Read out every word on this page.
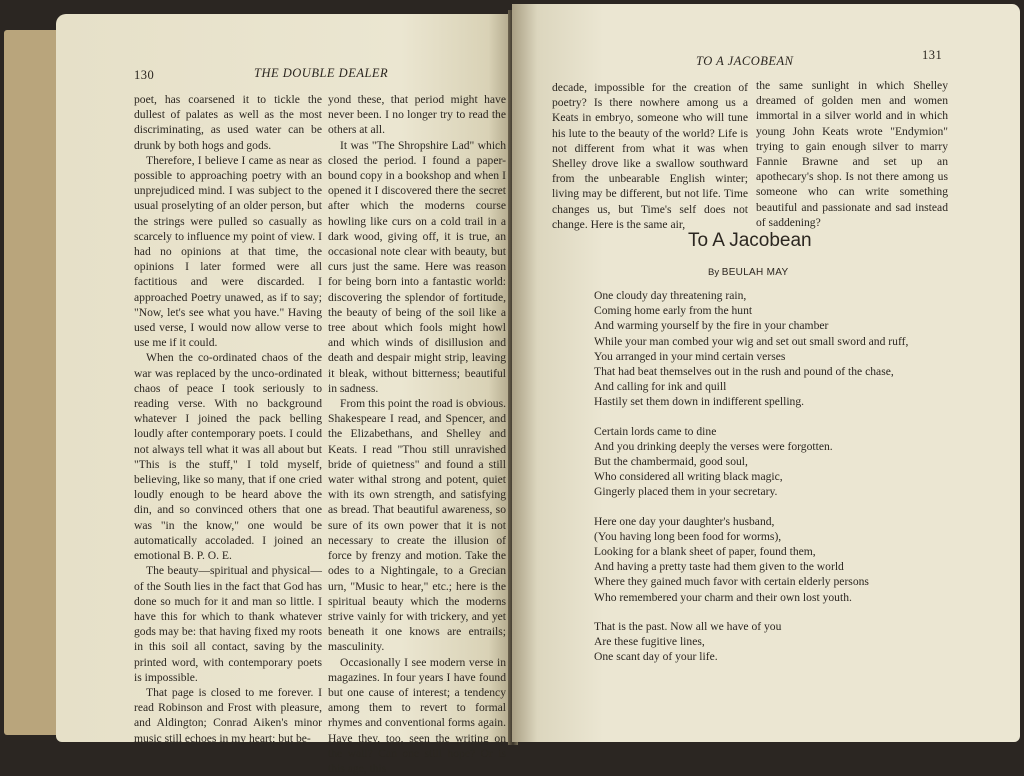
130	THE DOUBLE DEALER

poet, has coarsened it to tickle the dullest of palates as well as the most discriminating, as used water can be drunk by both hogs and gods.

Therefore, I believe I came as near as possible to approaching poetry with an unprejudiced mind. I was subject to the usual proselyting of an older person, but the strings were pulled so casually as scarcely to influence my point of view. I had no opinions at that time, the opinions I later formed were all factitious and were discarded. I approached Poetry unawed, as if to say; "Now, let's see what you have." Having used verse, I would now allow verse to use me if it could.

When the co-ordinated chaos of the war was replaced by the unco-ordinated chaos of peace I took seriously to reading verse. With no background whatever I joined the pack belling loudly after contemporary poets. I could not always tell what it was all about but "This is the stuff," I told myself, believing, like so many, that if one cried loudly enough to be heard above the din, and so convinced others that one was "in the know," one would be automatically accoladed. I joined an emotional B. P. O. E.

The beauty—spiritual and physical—of the South lies in the fact that God has done so much for it and man so little. I have this for which to thank whatever gods may be: that having fixed my roots in this soil all contact, saving by the printed word, with contemporary poets is impossible.

That page is closed to me forever. I read Robinson and Frost with pleasure, and Aldington; Conrad Aiken's minor music still echoes in my heart; but be-

yond these, that period might have never been. I no longer try to read the others at all.

It was "The Shropshire Lad" which closed the period. I found a paper-bound copy in a bookshop and when I opened it I discovered there the secret after which the moderns course howling like curs on a cold trail in a dark wood, giving off, it is true, an occasional note clear with beauty, but curs just the same. Here was reason for being born into a fantastic world: discovering the splendor of fortitude, the beauty of being of the soil like a tree about which fools might howl and which winds of disillusion and death and despair might strip, leaving it bleak, without bitterness; beautiful in sadness.

From this point the road is obvious. Shakespeare I read, and Spencer, and the Elizabethans, and Shelley and Keats. I read "Thou still unravished bride of quietness" and found a still water withal strong and potent, quiet with its own strength, and satisfying as bread. That beautiful awareness, so sure of its own power that it is not necessary to create the illusion of force by frenzy and motion. Take the odes to a Nightingale, to a Grecian urn, "Music to hear," etc.; here is the spiritual beauty which the moderns strive vainly for with trickery, and yet beneath it one knows are entrails; masculinity.

Occasionally I see modern verse in magazines. In four years I have found but one cause of interest; a tendency among them to revert to formal rhymes and conventional forms again. Have they, too, seen the writing on the wall? Can one still hope? Or is this age, this

TO A JACOBEAN	131

decade, impossible for the creation of poetry? Is there nowhere among us a Keats in embryo, someone who will tune his lute to the beauty of the world? Life is not different from what it was when Shelley drove like a swallow southward from the unbearable English winter; living may be different, but not life. Time changes us, but Time's self does not change. Here is the same air,

the same sunlight in which Shelley dreamed of golden men and women immortal in a silver world and in which young John Keats wrote "Endymion" trying to gain enough silver to marry Fannie Brawne and set up an apothecary's shop. Is not there among us someone who can write something beautiful and passionate and sad instead of saddening?

To A Jacobean
By BEULAH MAY
One cloudy day threatening rain,
Coming home early from the hunt
And warming yourself by the fire in your chamber
While your man combed your wig and set out small sword and ruff,
You arranged in your mind certain verses
That had beat themselves out in the rush and pound of the chase,
And calling for ink and quill
Hastily set them down in indifferent spelling.
Certain lords came to dine
And you drinking deeply the verses were forgotten.
But the chambermaid, good soul,
Who considered all writing black magic,
Gingerly placed them in your secretary.
Here one day your daughter's husband,
(You having long been food for worms),
Looking for a blank sheet of paper, found them,
And having a pretty taste had them given to the world
Where they gained much favor with certain elderly persons
Who remembered your charm and their own lost youth.
That is the past. Now all we have of you
Are these fugitive lines,
One scant day of your life.
